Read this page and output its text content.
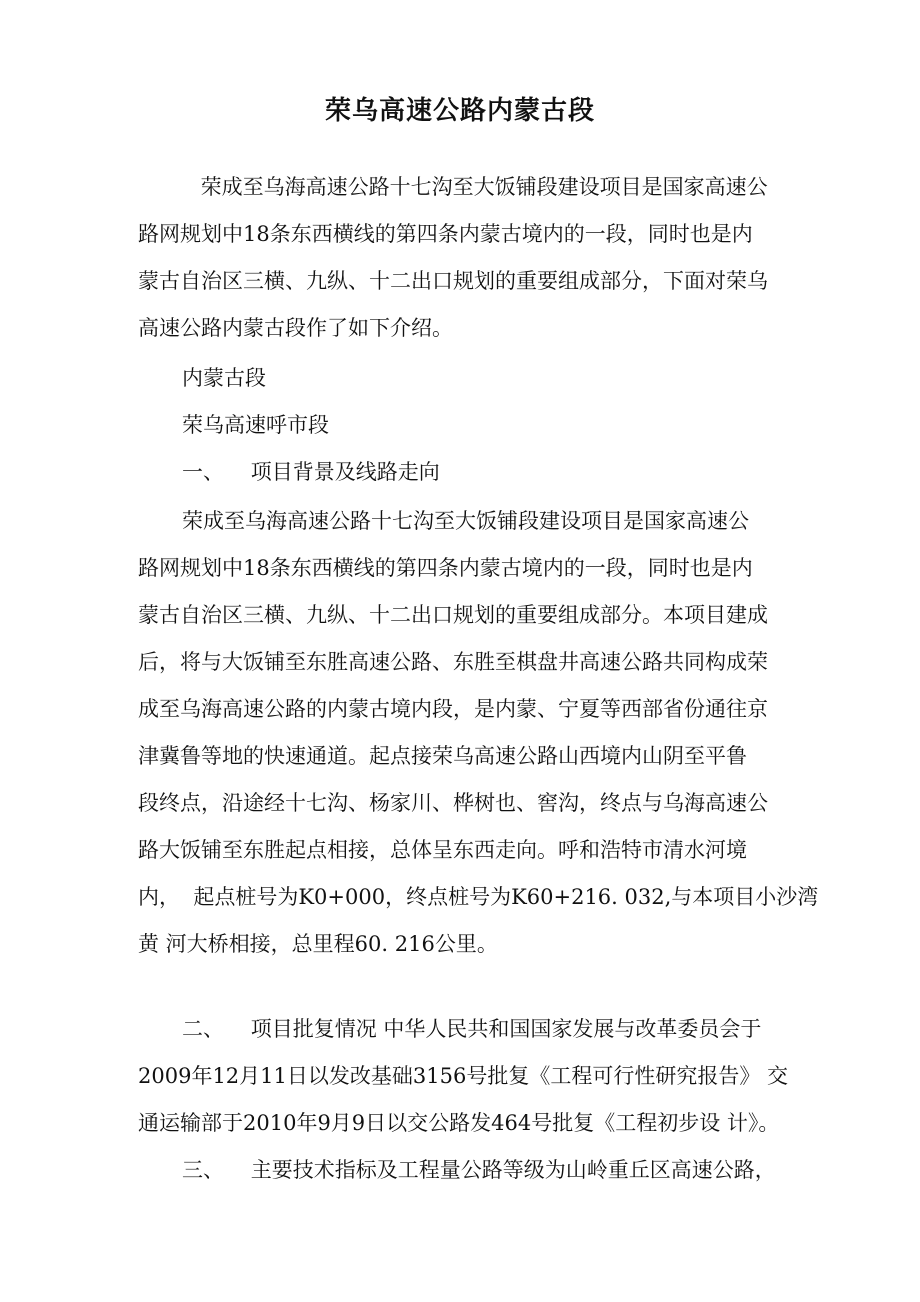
荣乌高速公路内蒙古段

荣成至乌海高速公路十七沟至大饭铺段建设项目是国家高速公

路网规划中18条东西横线的第四条内蒙古境内的一段，同时也是内

蒙古自治区三横、九纵、十二出口规划的重要组成部分，下面对荣乌

高速公路内蒙古段作了如下介绍。

内蒙古段

荣乌高速呼市段

一、    项目背景及线路走向

荣成至乌海高速公路十七沟至大饭铺段建设项目是国家高速公

路网规划中18条东西横线的第四条内蒙古境内的一段，同时也是内

蒙古自治区三横、九纵、十二出口规划的重要组成部分。本项目建成

后，将与大饭铺至东胜高速公路、东胜至棋盘井高速公路共同构成荣

成至乌海高速公路的内蒙古境内段，是内蒙、宁夏等西部省份通往京

津冀鲁等地的快速通道。起点接荣乌高速公路山西境内山阴至平鲁

段终点，沿途经十七沟、杨家川、桦树也、窖沟，终点与乌海高速公

路大饭铺至东胜起点相接，总体呈东西走向。呼和浩特市清水河境

内，  起点桩号为K0+000，终点桩号为K60+216. 032,与本项目小沙湾

黄 河大桥相接，总里程60. 216公里。

二、    项目批复情况 中华人民共和国国家发展与改革委员会于

2009年12月11日以发改基础3156号批复《工程可行性研究报告》 交

通运输部于2010年9月9日以交公路发464号批复《工程初步设 计》。

三、    主要技术指标及工程量公路等级为山岭重丘区高速公路，
